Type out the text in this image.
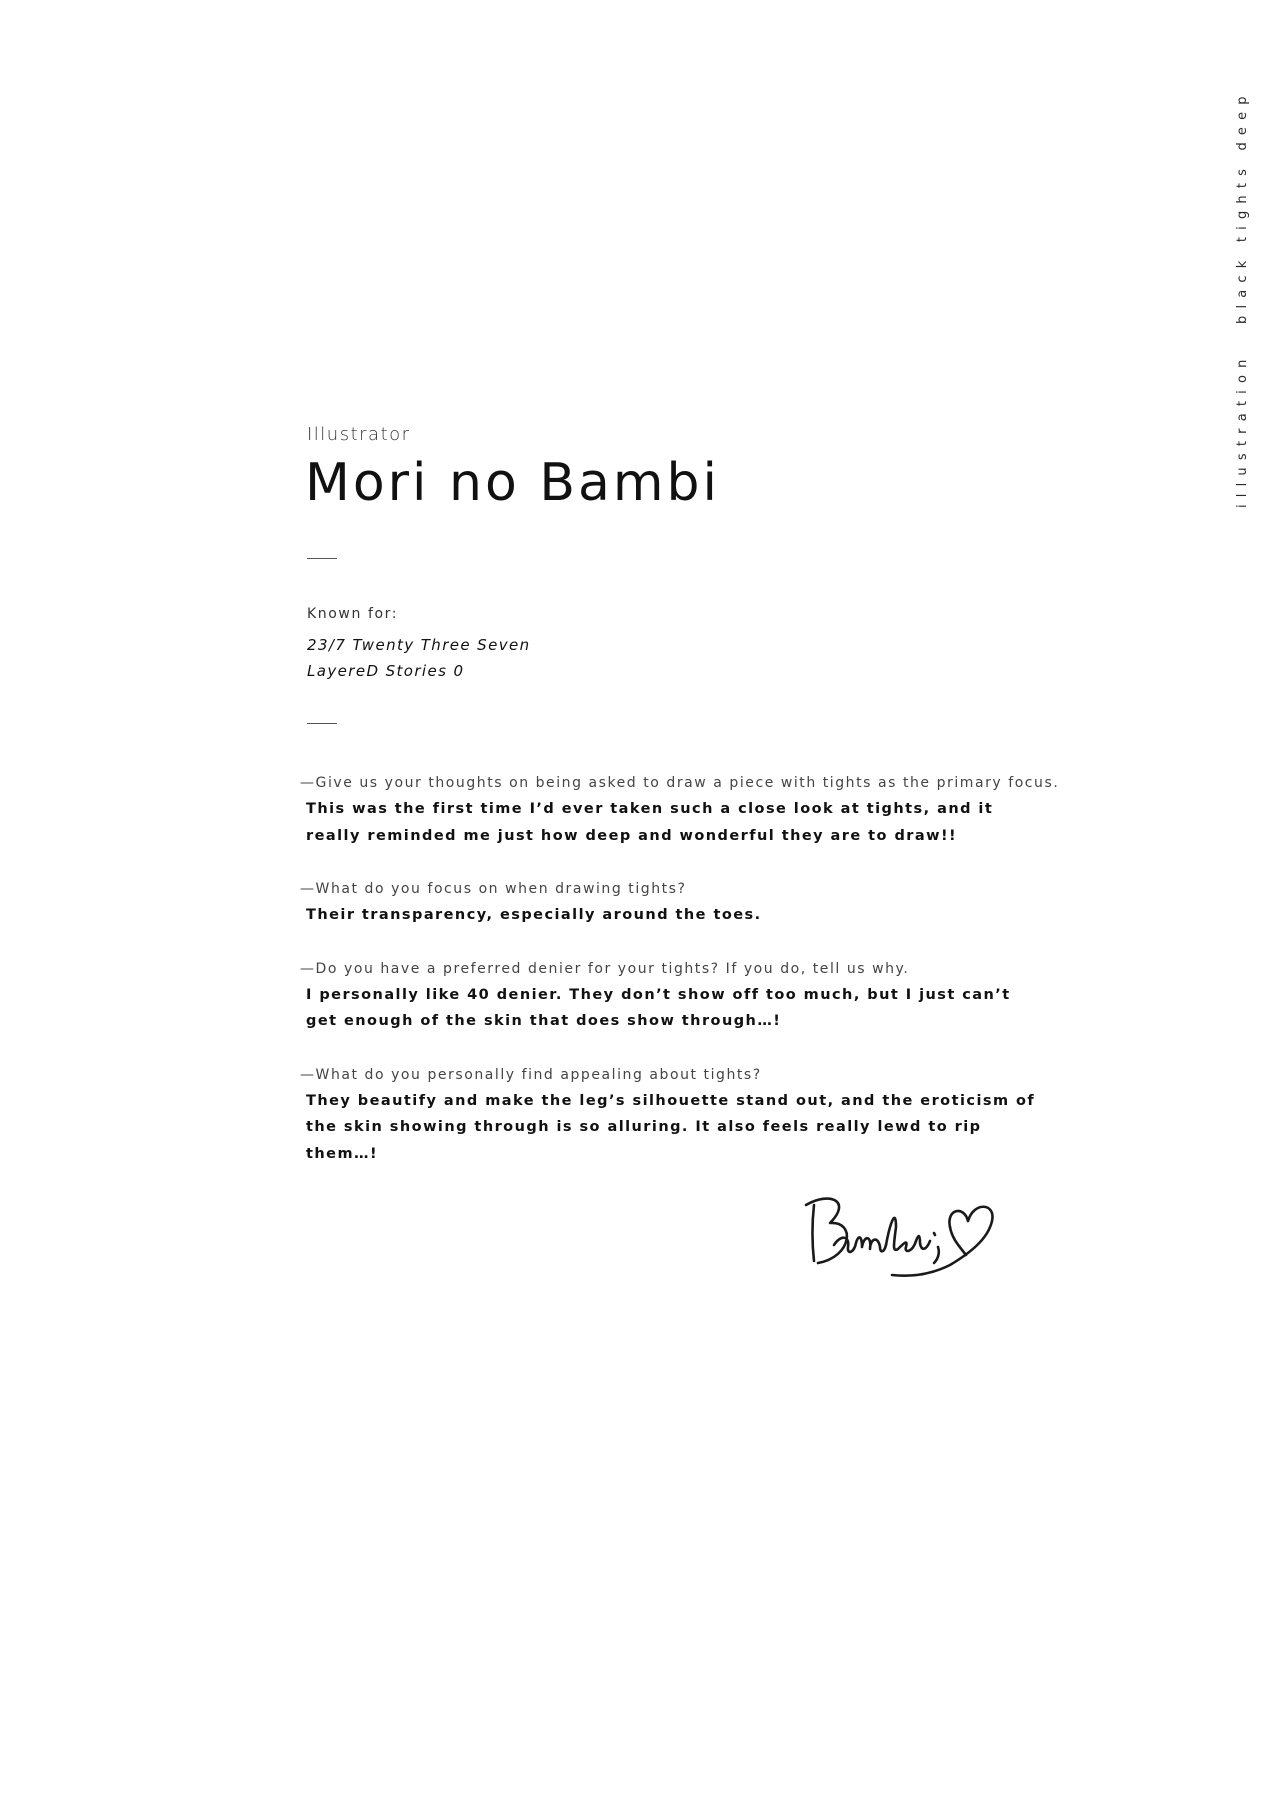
illustration
black tights deep
Illustrator
Mori no Bambi
Known for:
23/7 Twenty Three Seven
LayereD Stories 0
—Give us your thoughts on being asked to draw a piece with tights as the primary focus.
This was the first time I’d ever taken such a close look at tights, and it really reminded me just how deep and wonderful they are to draw!!
—What do you focus on when drawing tights?
Their transparency, especially around the toes.
—Do you have a preferred denier for your tights? If you do, tell us why.
I personally like 40 denier. They don’t show off too much, but I just can’t get enough of the skin that does show through…!
—What do you personally find appealing about tights?
They beautify and make the leg’s silhouette stand out, and the eroticism of the skin showing through is so alluring. It also feels really lewd to rip them…!
